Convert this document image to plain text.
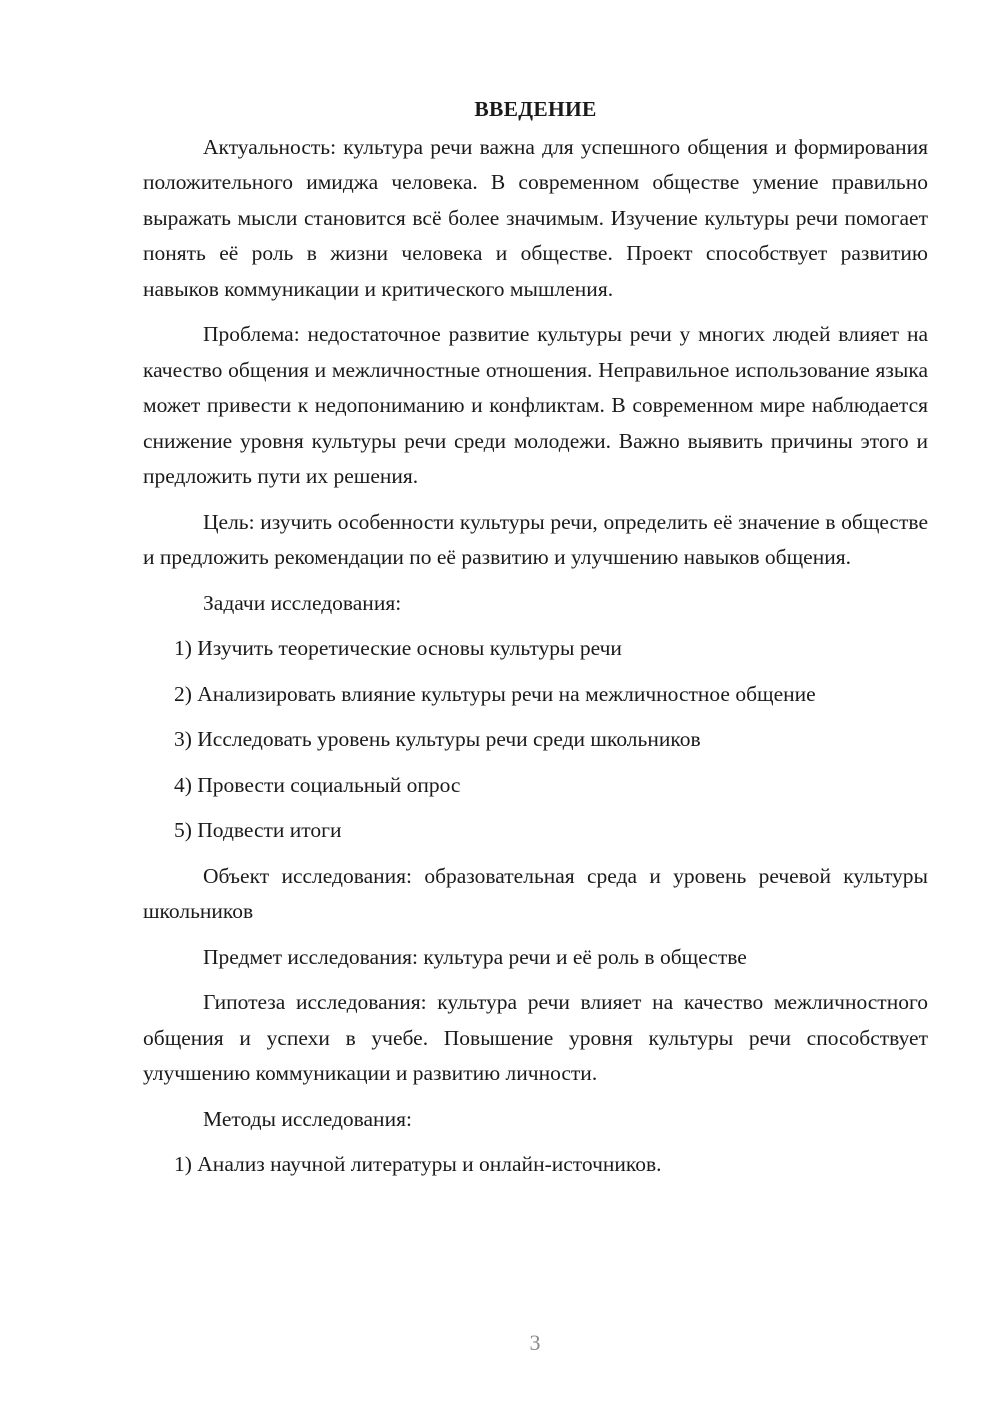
ВВЕДЕНИЕ

Актуальность: культура речи важна для успешного общения и формирования положительного имиджа человека. В современном обществе умение правильно выражать мысли становится всё более значимым. Изучение культуры речи помогает понять её роль в жизни человека и обществе. Проект способствует развитию навыков коммуникации и критического мышления.

Проблема: недостаточное развитие культуры речи у многих людей влияет на качество общения и межличностные отношения. Неправильное использование языка может привести к недопониманию и конфликтам. В современном мире наблюдается снижение уровня культуры речи среди молодежи. Важно выявить причины этого и предложить пути их решения.

Цель: изучить особенности культуры речи, определить её значение в обществе и предложить рекомендации по её развитию и улучшению навыков общения.

Задачи исследования:
1) Изучить теоретические основы культуры речи
2) Анализировать влияние культуры речи на межличностное общение
3) Исследовать уровень культуры речи среди школьников
4) Провести социальный опрос
5) Подвести итоги

Объект исследования: образовательная среда и уровень речевой культуры школьников

Предмет исследования: культура речи и её роль в обществе

Гипотеза исследования: культура речи влияет на качество межличностного общения и успехи в учебе. Повышение уровня культуры речи способствует улучшению коммуникации и развитию личности.

Методы исследования:
1) Анализ научной литературы и онлайн-источников.
3
